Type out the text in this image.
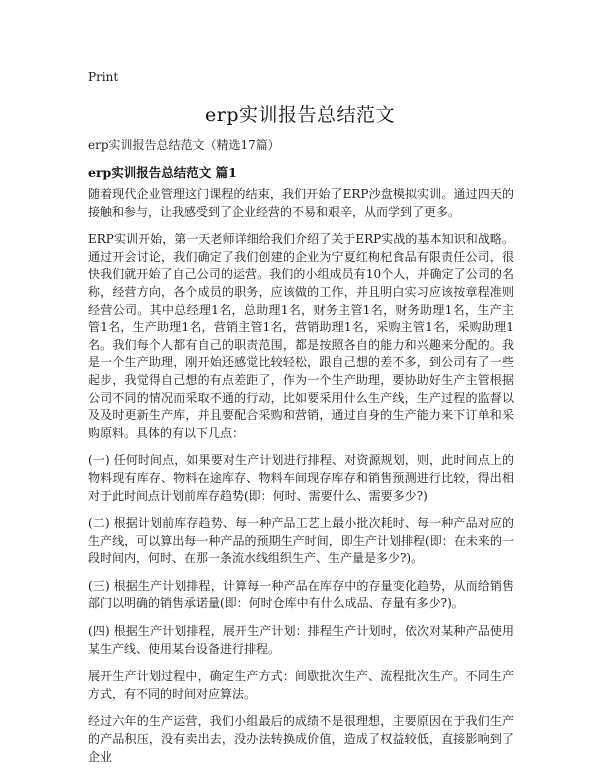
Print
erp实训报告总结范文
erp实训报告总结范文（精选17篇）
erp实训报告总结范文 篇1

随着现代企业管理这门课程的结束，我们开始了ERP沙盘模拟实训。通过四天的接触和参与，让我感受到了企业经营的不易和艰辛，从而学到了更多。

ERP实训开始，第一天老师详细给我们介绍了关于ERP实战的基本知识和战略。通过开会讨论，我们确定了我们创建的企业为宁夏红枸杞食品有限责任公司，很快我们就开始了自己公司的运营。我们的小组成员有10个人，并确定了公司的名称，经营方向，各个成员的职务，应该做的工作，并且明白实习应该按章程准则经营公司。其中总经理1名，总助理1名，财务主管1名，财务助理1名，生产主管1名，生产助理1名，营销主管1名，营销助理1名，采购主管1名，采购助理1名。我们每个人都有自己的职责范围，都是按照各自的能力和兴趣来分配的。我是一个生产助理，刚开始还感觉比较轻松，跟自己想的差不多，到公司有了一些起步，我觉得自己想的有点差距了，作为一个生产助理，要协助好生产主管根据公司不同的情况而采取不通的行动，比如要采用什么生产线，生产过程的监督以及及时更新生产库，并且要配合采购和营销，通过自身的生产能力来下订单和采购原料。具体的有以下几点：

(一) 任何时间点，如果要对生产计划进行排程、对资源规划，则，此时间点上的物料现有库存、物料在途库存、物料车间现存库存和销售预测进行比较，得出相对于此时间点计划前库存趋势(即：何时、需要什么、需要多少?)

(二) 根据计划前库存趋势、每一种产品工艺上最小批次耗时、每一种产品对应的生产线，可以算出每一种产品的预期生产时间，即生产计划排程(即：在未来的一段时间内，何时、在那一条流水线组织生产、生产量是多少?)。

(三) 根据生产计划排程，计算每一种产品在库存中的存量变化趋势，从而给销售部门以明确的销售承诺量(即：何时仓库中有什么成品、存量有多少?)。

(四) 根据生产计划排程，展开生产计划：排程生产计划时，依次对某种产品使用某生产线、使用某台设备进行排程。

展开生产计划过程中，确定生产方式：间歇批次生产、流程批次生产。不同生产方式，有不同的时间对应算法。

经过六年的生产运营，我们小组最后的成绩不是很理想，主要原因在于我们生产的产品积压，没有卖出去，没办法转换成价值，造成了权益较低，直接影响到了企业
